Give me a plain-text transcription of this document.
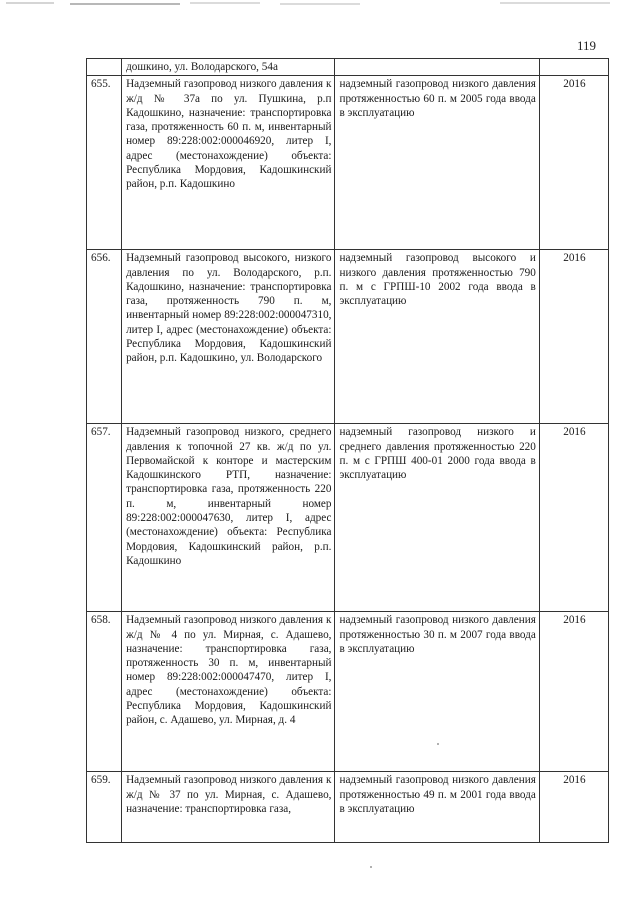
119

	дошкино, ул. Володарского, 54а		

655.	Надземный газопровод низкого давления к ж/д № 37а по ул. Пушкина, р.п Кадошкино, назначение: транспортировка газа, протяженность 60 п. м, инвентарный номер 89:228:002:000046920, литер I, адрес (местонахождение) объекта: Республика Мордовия, Кадошкинский район, р.п. Кадошкино	надземный газопровод низкого давления протяженностью 60 п. м 2005 года ввода в эксплуатацию	2016
656.	Надземный газопровод высокого, низкого давления по ул. Володарского, р.п. Кадошкино, назначение: транспортировка газа, протяженность 790 п. м, инвентарный номер 89:228:002:000047310, литер I, адрес (местонахождение) объекта: Республика Мордовия, Кадошкинский район, р.п. Кадошкино, ул. Володарского	надземный газопровод высокого и низкого давления протяженностью 790 п. м с ГРПШ-10 2002 года ввода в эксплуатацию	2016
657.	Надземный газопровод низкого, среднего давления к топочной 27 кв. ж/д по ул. Первомайской к конторе и мастерским Кадошкинского РТП, назначение: транспортировка газа, протяженность 220 п. м, инвентарный номер 89:228:002:000047630, литер I, адрес (местонахождение) объекта: Республика Мордовия, Кадошкинский район, р.п. Кадошкино	надземный газопровод низкого и среднего давления протяженностью 220 п. м с ГРПШ 400-01 2000 года ввода в эксплуатацию	2016
658.	Надземный газопровод низкого давления к ж/д № 4 по ул. Мирная, с. Адашево, назначение: транспортировка газа, протяженность 30 п. м, инвентарный номер 89:228:002:000047470, литер I, адрес (местонахождение) объекта: Республика Мордовия, Кадошкинский район, с. Адашево, ул. Мирная, д. 4	надземный газопровод низкого давления протяженностью 30 п. м 2007 года ввода в эксплуатацию	2016
659.	Надземный газопровод низкого давления к ж/д № 37 по ул. Мирная, с. Адашево, назначение: транспортировка газа,	надземный газопровод низкого давления протяженностью 49 п. м 2001 года ввода в эксплуатацию	2016
